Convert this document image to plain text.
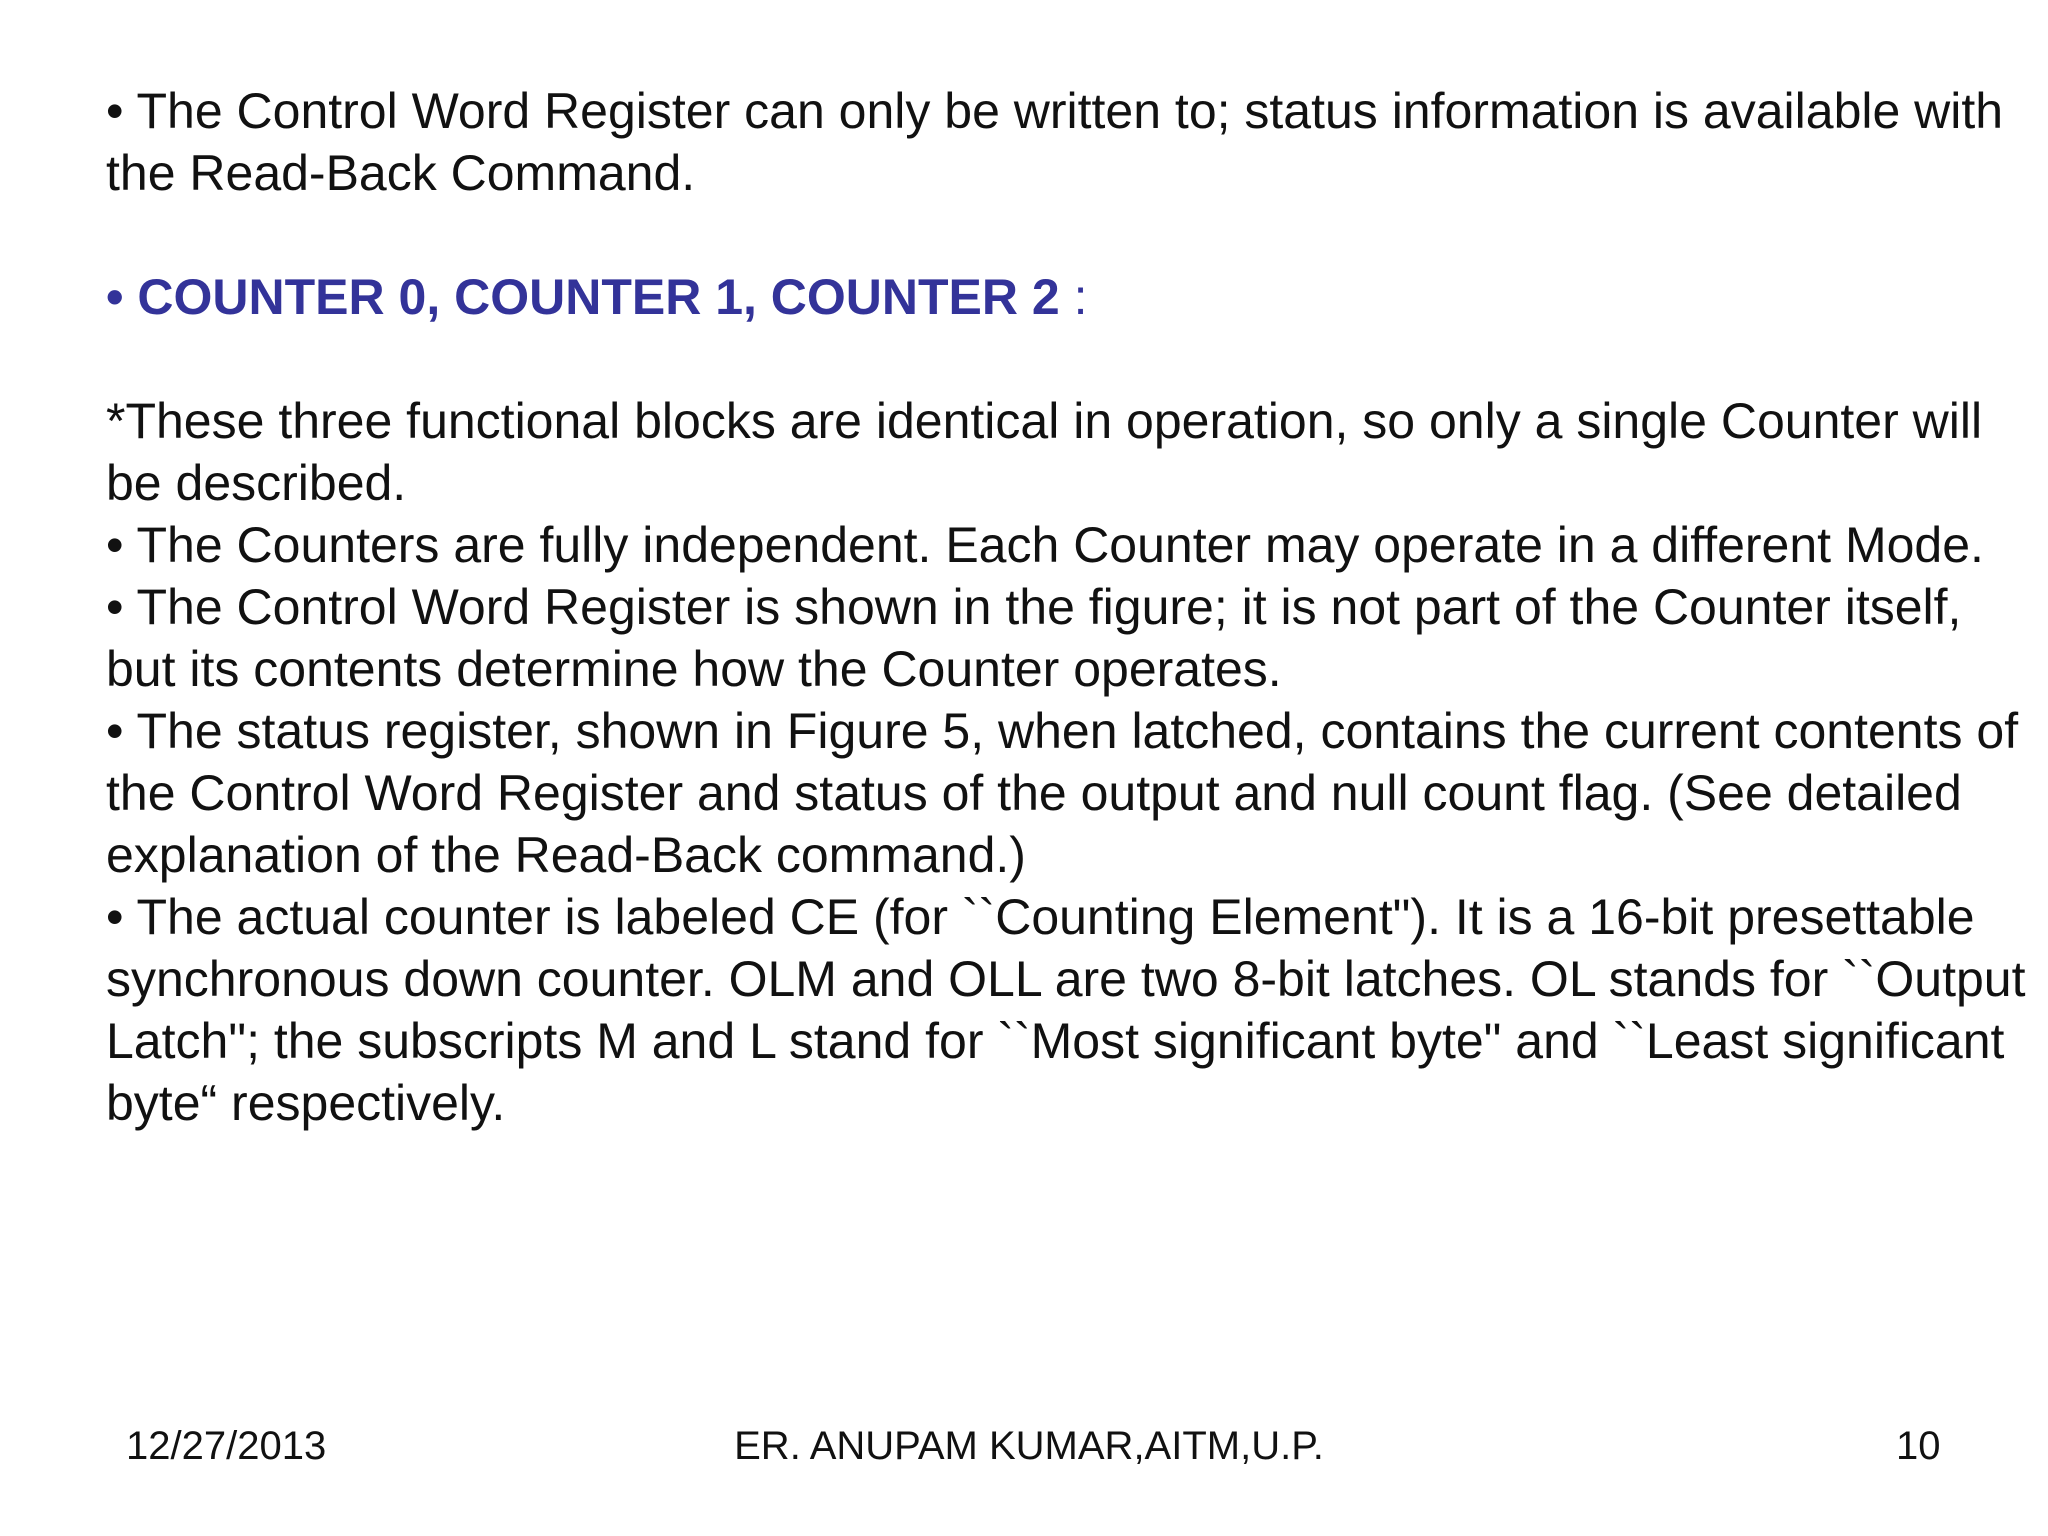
• The Control Word Register can only be written to; status information is available with the Read-Back Command.

• COUNTER 0, COUNTER 1, COUNTER 2 :

*These three functional blocks are identical in operation, so only a single Counter will be described.

• The Counters are fully independent. Each Counter may operate in a different Mode.

• The Control Word Register is shown in the figure; it is not part of the Counter itself, but its contents determine how the Counter operates.

• The status register, shown in Figure 5, when latched, contains the current contents of the Control Word Register and status of the output and null count flag. (See detailed explanation of the Read-Back command.)

• The actual counter is labeled CE (for ``Counting Element"). It is a 16-bit presettable synchronous down counter. OLM and OLL are two 8-bit latches. OL stands for ``Output Latch"; the subscripts M and L stand for ``Most significant byte" and ``Least significant byte“ respectively.

12/27/2013	ER. ANUPAM KUMAR,AITM,U.P.	10
